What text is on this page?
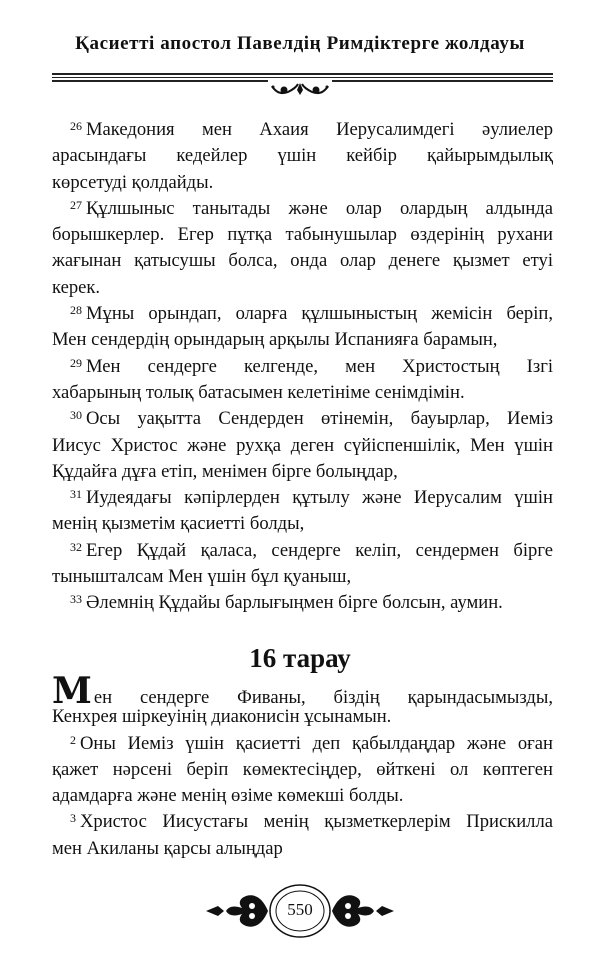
Қасиетті апостол Павелдің Римдіктерге жолдауы
$^{26}$ Македония мен Ахаия Иерусалимдегі әулиелер
арасындағы кедейлер үшін кейбір қайырымдылық
көрсетуді қолдайды.
$^{27}$ Құлшыныс танытады және олар олардың алдында
борышкерлер. Егер пұтқа табынушылар өздерінің рухани
жағынан қатысушы болса, онда олар денеге қызмет етуі
керек.
$^{28}$ Мұны орындап, оларға құлшыныстың жемісін беріп,
Мен сендердің орындарың арқылы Испанияға барамын,
$^{29}$ Мен сендерге келгенде, мен Христостың Ізгі
хабарының толық батасымен келетініме сенімдімін.
$^{30}$ Осы уақытта Сендерден өтінемін, бауырлар, Иеміз
Иисус Христос және рухқа деген сүйіспеншілік, Мен үшін
Құдайға дұға етіп, менімен бірге болыңдар,
$^{31}$ Иудеядағы кәпірлерден құтылу және Иерусалим үшін
менің қызметім қасиетті болды,
$^{32}$ Егер Құдай қаласа, сендерге келіп, сендермен бірге
тыныштaлсам Мен үшін бұл қуаныш,
$^{33}$ Әлемнің Құдайы барлығыңмен бірге болсын, аумин.
16 тарау
Мен сендерге Фиваны, біздің қарындасымызды,
Кенхрея шіркеуінің диаконисін ұсынамын.
$^2$ Оны Иеміз үшін қасиетті деп қабылдаңдар және оған
қажет нәрсені беріп көмектесіңдер, өйткені ол көптеген
адамдарға және менің өзіме көмекші болды.
$^3$ Христос Иисустағы менің қызметкерлерім Прискилла
мен Акиланы қарсы алыңдар
550
